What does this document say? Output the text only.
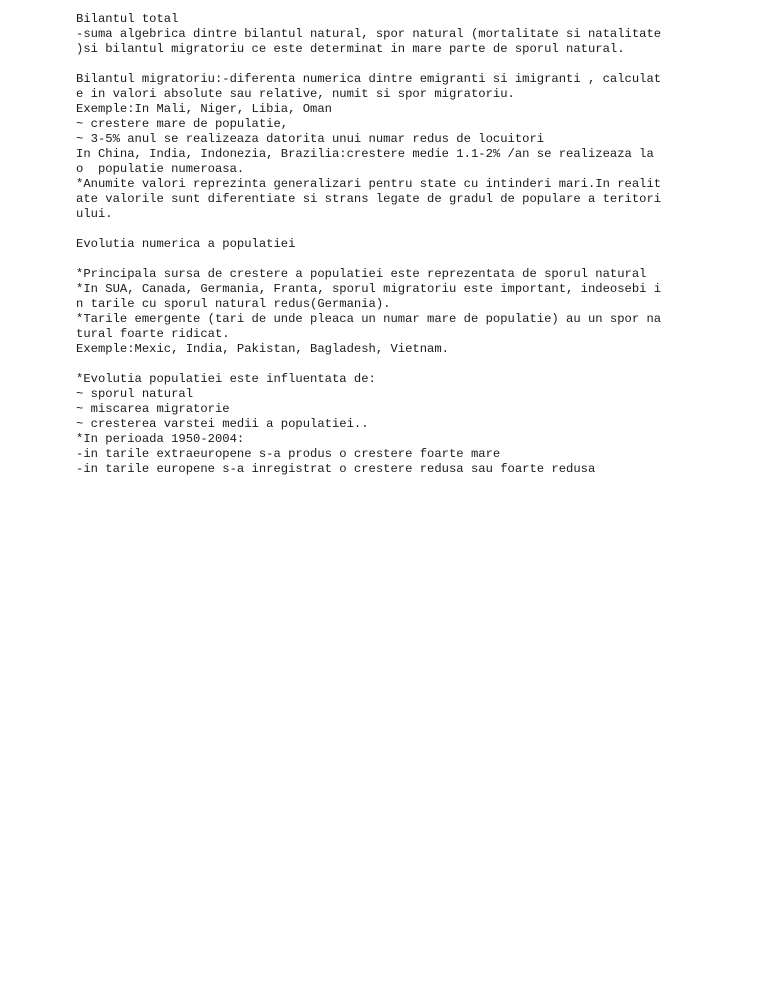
Bilantul total
-suma algebrica dintre bilantul natural, spor natural (mortalitate si natalitate
)si bilantul migratoriu ce este determinat in mare parte de sporul natural.
Bilantul migratoriu:-diferenta numerica dintre emigranti si imigranti , calculat
e in valori absolute sau relative, numit si spor migratoriu.
Exemple:In Mali, Niger, Libia, Oman
~ crestere mare de populatie,
~ 3-5% anul se realizeaza datorita unui numar redus de locuitori
In China, India, Indonezia, Brazilia:crestere medie 1.1-2% /an se realizeaza la
o  populatie numeroasa.
*Anumite valori reprezinta generalizari pentru state cu intinderi mari.In realit
ate valorile sunt diferentiate si strans legate de gradul de populare a teritori
ului.
Evolutia numerica a populatiei
*Principala sursa de crestere a populatiei este reprezentata de sporul natural
*In SUA, Canada, Germania, Franta, sporul migratoriu este important, indeosebi i
n tarile cu sporul natural redus(Germania).
*Tarile emergente (tari de unde pleaca un numar mare de populatie) au un spor na
tural foarte ridicat.
Exemple:Mexic, India, Pakistan, Bagladesh, Vietnam.
*Evolutia populatiei este influentata de:
~ sporul natural
~ miscarea migratorie
~ cresterea varstei medii a populatiei..
*In perioada 1950-2004:
-in tarile extraeuropene s-a produs o crestere foarte mare
-in tarile europene s-a inregistrat o crestere redusa sau foarte redusa
